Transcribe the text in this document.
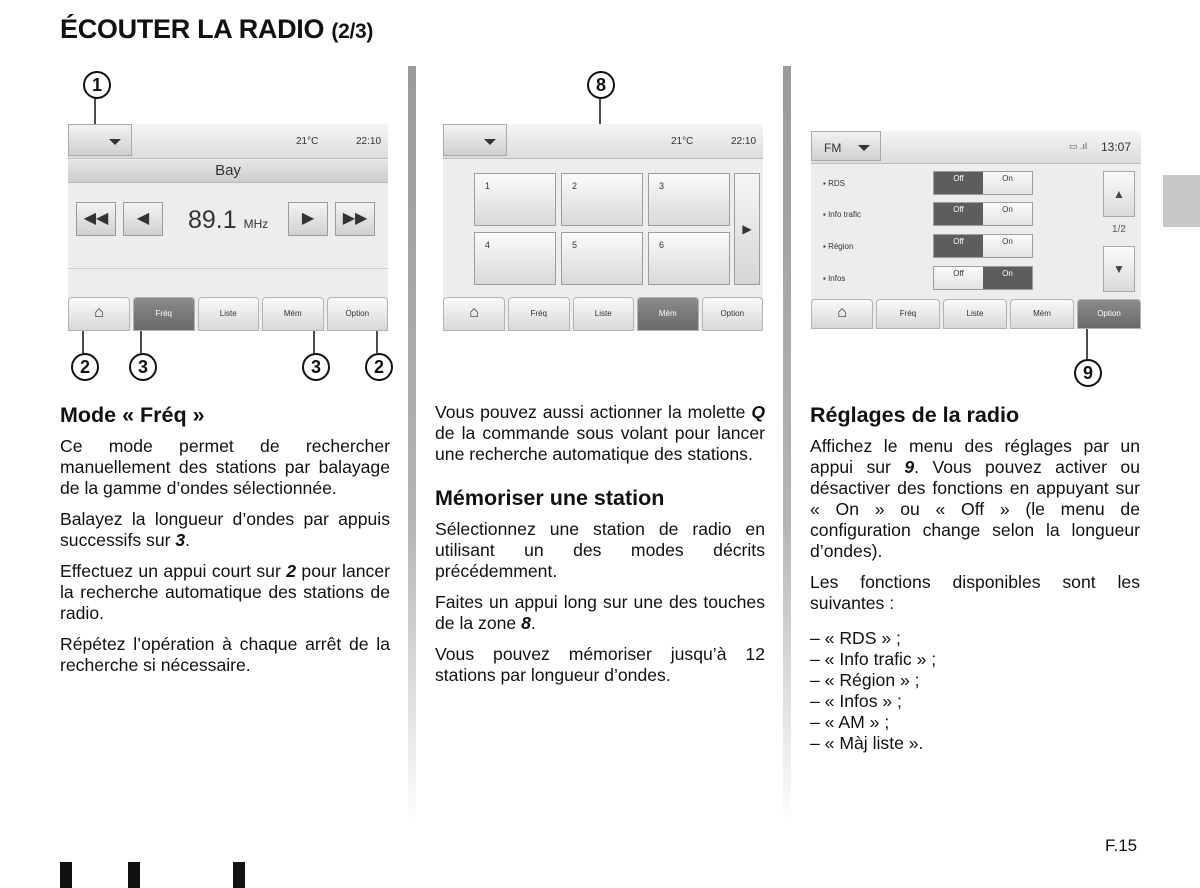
ÉCOUTER LA RADIO (2/3)
1
2	3	3	2
8
9
21°C	22:10
Bay
◀◀	◀	89.1 MHz	▶	▶▶
⌂	Fréq	Liste	Mém	Option
21°C	22:10
1	2	3
4	5	6
▶
⌂	Fréq	Liste	Mém	Option
FM	▭ .ıl 13:07
▪ RDS
Off	On
▪ Info trafic
Off	On
▪ Région
Off	On
▪ Infos
Off	On
▲
1/2
▼
⌂	Fréq	Liste	Mém	Option
Mode « Fréq »

Ce mode permet de rechercher manuellement des stations par balayage de la gamme d’ondes sélectionnée.

Balayez la longueur d’ondes par appuis successifs sur 3.

Effectuez un appui court sur 2 pour lancer la recherche automatique des stations de radio.

Répétez l’opération à chaque arrêt de la recherche si nécessaire.

Vous pouvez aussi actionner la molette Q de la commande sous volant pour lancer une recherche automatique des stations.

Mémoriser une station

Sélectionnez une station de radio en utilisant un des modes décrits précédemment.

Faites un appui long sur une des touches de la zone 8.

Vous pouvez mémoriser jusqu’à 12 stations par longueur d’ondes.

Réglages de la radio

Affichez le menu des réglages par un appui sur 9. Vous pouvez activer ou désactiver des fonctions en appuyant sur « On » ou « Off » (le menu de configuration change selon la longueur d’ondes).

Les fonctions disponibles sont les suivantes :

– « RDS » ;
– « Info trafic » ;
– « Région » ;
– « Infos » ;
– « AM » ;
– « Màj liste ».
F.15
